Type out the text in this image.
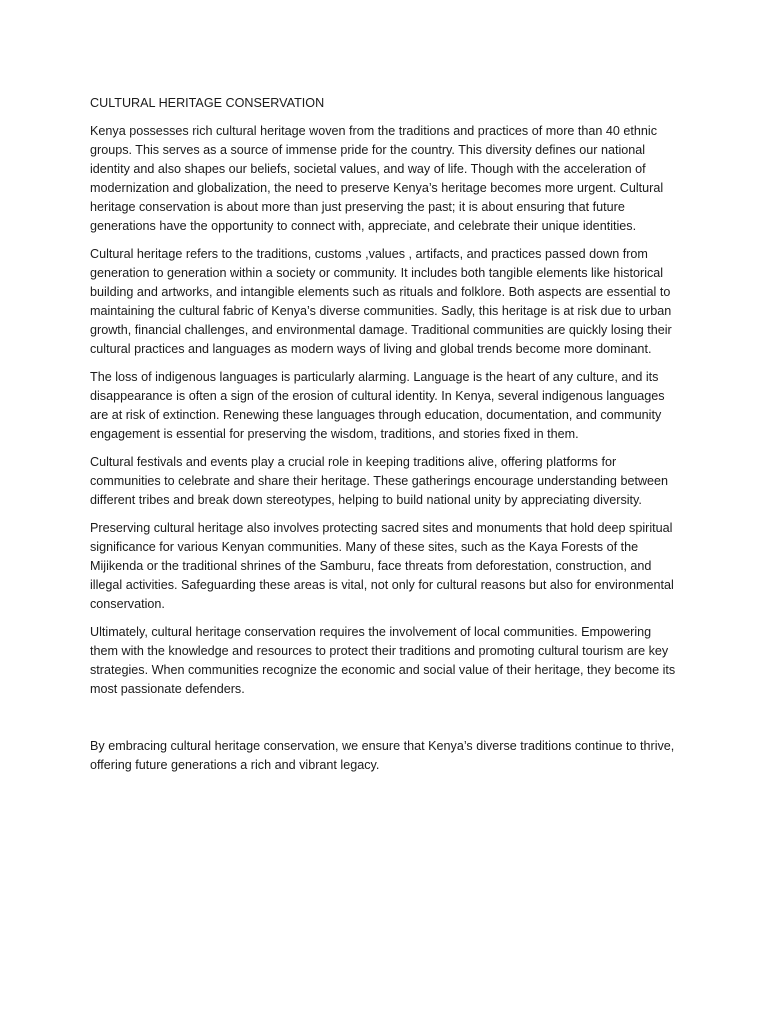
CULTURAL HERITAGE CONSERVATION

Kenya possesses rich cultural heritage woven from the traditions and practices of more than 40 ethnic groups. This serves as a source of immense pride for the country. This diversity defines our national identity and also shapes our beliefs, societal values, and way of life. Though with the acceleration of modernization and globalization, the need to preserve Kenya’s heritage becomes more urgent. Cultural heritage conservation is about more than just preserving the past; it is about ensuring that future generations have the opportunity to connect with, appreciate, and celebrate their unique identities.

Cultural heritage refers to the traditions, customs ,values , artifacts, and practices passed down from generation to generation within a society or community. It includes both tangible elements like historical building and artworks, and intangible elements such as rituals and folklore. Both aspects are essential to maintaining the cultural fabric of Kenya’s diverse communities. Sadly, this heritage is at risk due to urban growth, financial challenges, and environmental damage. Traditional communities are quickly losing their cultural practices and languages as modern ways of living and global trends become more dominant.

The loss of indigenous languages is particularly alarming. Language is the heart of any culture, and its disappearance is often a sign of the erosion of cultural identity. In Kenya, several indigenous languages are at risk of extinction. Renewing these languages through education, documentation, and community engagement is essential for preserving the wisdom, traditions, and stories fixed in them.

Cultural festivals and events play a crucial role in keeping traditions alive, offering platforms for communities to celebrate and share their heritage. These gatherings encourage understanding between different tribes and break down stereotypes, helping to build national unity by appreciating diversity.

Preserving cultural heritage also involves protecting sacred sites and monuments that hold deep spiritual significance for various Kenyan communities. Many of these sites, such as the Kaya Forests of the Mijikenda or the traditional shrines of the Samburu, face threats from deforestation, construction, and illegal activities. Safeguarding these areas is vital, not only for cultural reasons but also for environmental conservation.

Ultimately, cultural heritage conservation requires the involvement of local communities. Empowering them with the knowledge and resources to protect their traditions and promoting cultural tourism are key strategies. When communities recognize the economic and social value of their heritage, they become its most passionate defenders.

By embracing cultural heritage conservation, we ensure that Kenya’s diverse traditions continue to thrive, offering future generations a rich and vibrant legacy.
